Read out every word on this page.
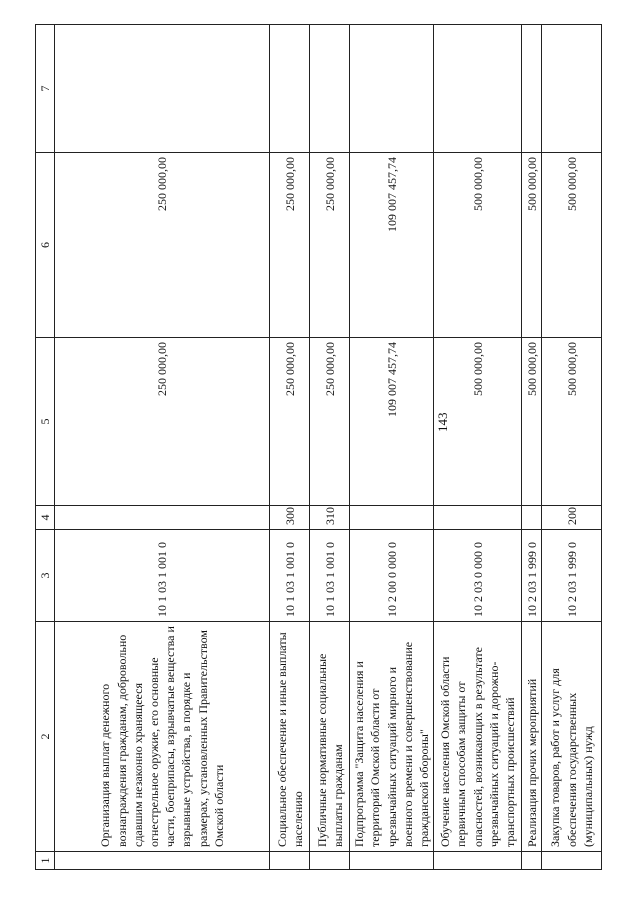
143
1	2	3	4	5	6	7
	Организация выплат денежного вознаграждения гражданам, добровольно сдавшим незаконно хранящееся огнестрельное оружие, его основные части, боеприпасы, взрывчатые вещества и взрывные устройства, в порядке и размерах, установленных Правительством Омской области	10 1 03 1 001 0		250 000,00	250 000,00	
	Социальное обеспечение и иные выплаты населению	10 1 03 1 001 0	300	250 000,00	250 000,00	
	Публичные нормативные социальные выплаты гражданам	10 1 03 1 001 0	310	250 000,00	250 000,00	
	Подпрограмма "Защита населения и территорий Омской области от чрезвычайных ситуаций мирного и военного времени и совершенствование гражданской обороны"	10 2 00 0 000 0		109 007 457,74	109 007 457,74	
	Обучение населения Омской области первичным способам защиты от опасностей, возникающих в результате чрезвычайных ситуаций и дорожно-транспортных происшествий	10 2 03 0 000 0		500 000,00	500 000,00	
	Реализация прочих мероприятий	10 2 03 1 999 0		500 000,00	500 000,00	
	Закупка товаров, работ и услуг для обеспечения государственных (муниципальных) нужд	10 2 03 1 999 0	200	500 000,00	500 000,00	
